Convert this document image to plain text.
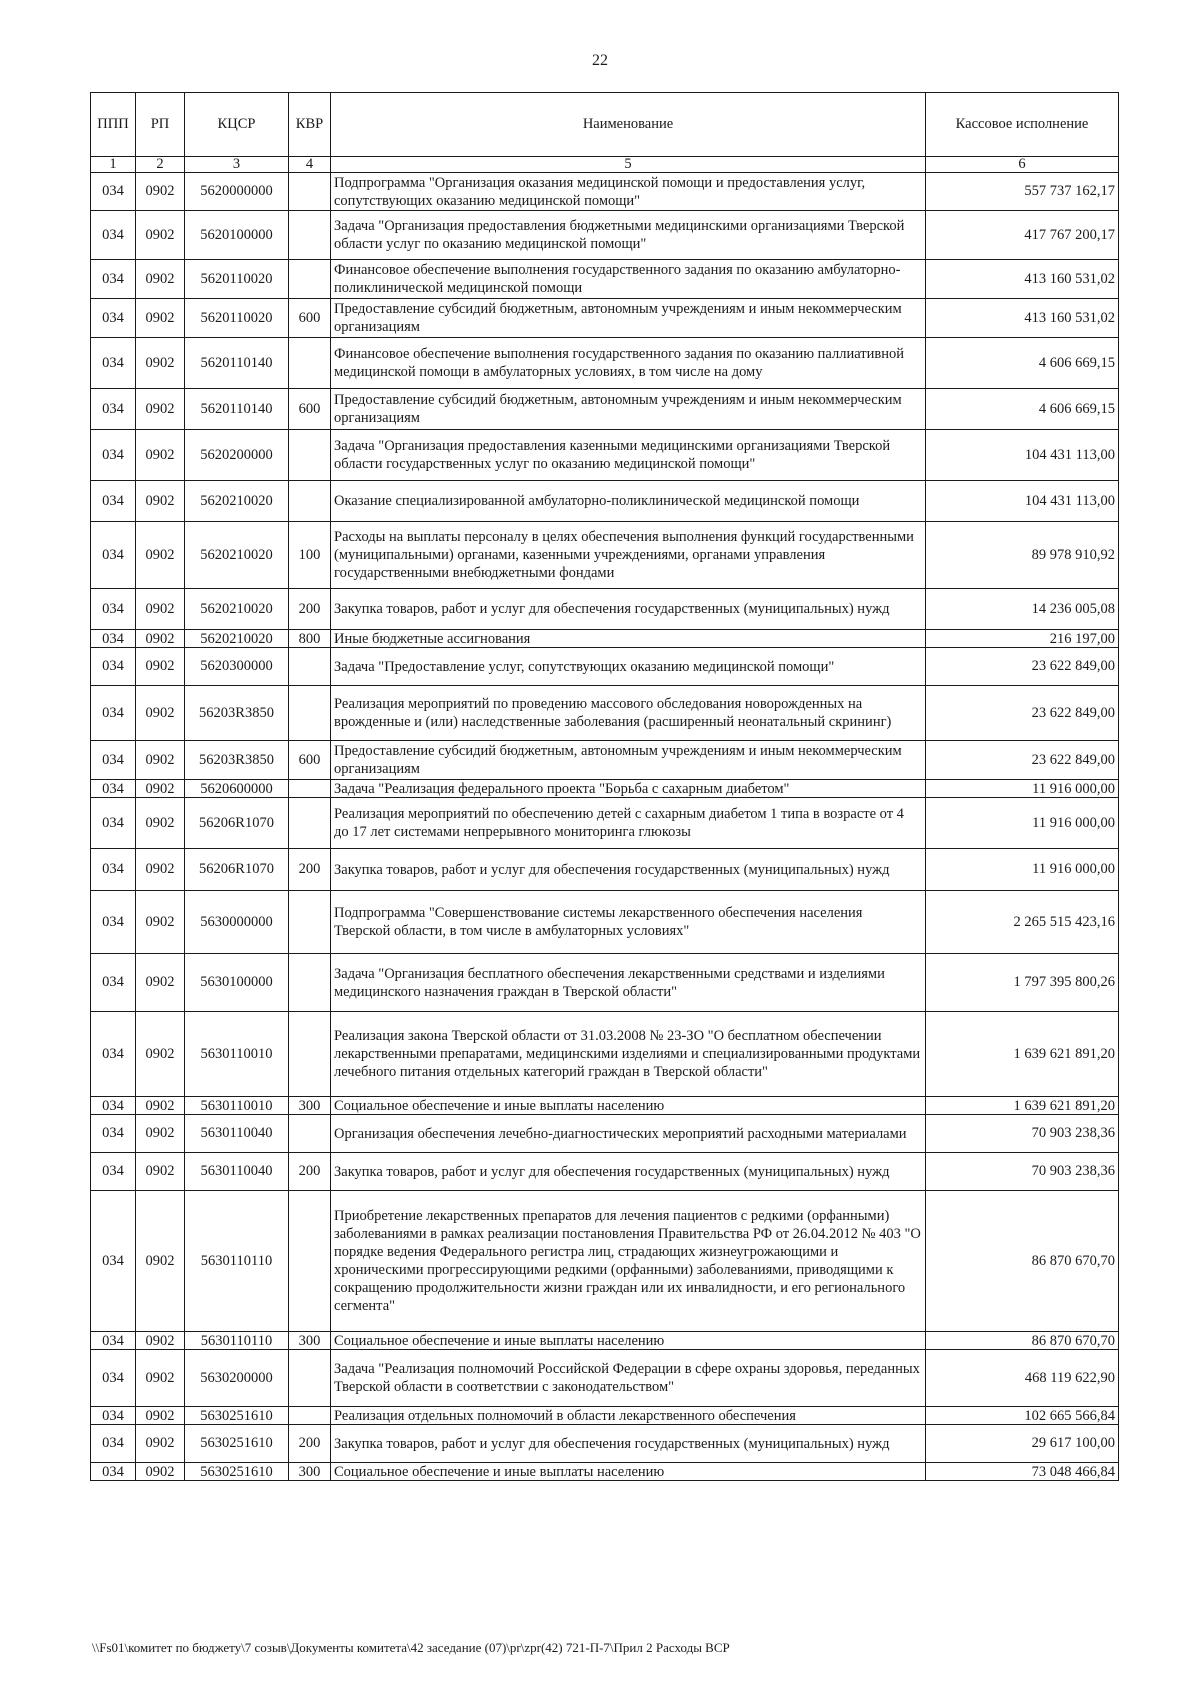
22
ППП	РП	КЦСР	КВР	Наименование	Кассовое исполнение
1	2	3	4	5	6
034	0902	5620000000		Подпрограмма "Организация оказания медицинской помощи и предоставления услуг, сопутствующих оказанию медицинской помощи"	557 737 162,17
034	0902	5620100000		Задача "Организация предоставления бюджетными медицинскими организациями Тверской области услуг по оказанию медицинской помощи"	417 767 200,17
034	0902	5620110020		Финансовое обеспечение выполнения государственного задания по оказанию амбулаторно-поликлинической медицинской помощи	413 160 531,02
034	0902	5620110020	600	Предоставление субсидий бюджетным, автономным учреждениям и иным некоммерческим организациям	413 160 531,02
034	0902	5620110140		Финансовое обеспечение выполнения государственного задания по оказанию паллиативной медицинской помощи в амбулаторных условиях, в том числе на дому	4 606 669,15
034	0902	5620110140	600	Предоставление субсидий бюджетным, автономным учреждениям и иным некоммерческим организациям	4 606 669,15
034	0902	5620200000		Задача "Организация предоставления казенными медицинскими организациями Тверской области государственных услуг по оказанию медицинской помощи"	104 431 113,00
034	0902	5620210020		Оказание специализированной амбулаторно-поликлинической медицинской помощи	104 431 113,00
034	0902	5620210020	100	Расходы на выплаты персоналу в целях обеспечения выполнения функций государственными (муниципальными) органами, казенными учреждениями, органами управления государственными внебюджетными фондами	89 978 910,92
034	0902	5620210020	200	Закупка товаров, работ и услуг для обеспечения государственных (муниципальных) нужд	14 236 005,08
034	0902	5620210020	800	Иные бюджетные ассигнования	216 197,00
034	0902	5620300000		Задача "Предоставление услуг, сопутствующих оказанию медицинской помощи"	23 622 849,00
034	0902	56203R3850		Реализация мероприятий по проведению массового обследования новорожденных на врожденные и (или) наследственные заболевания (расширенный неонатальный скрининг)	23 622 849,00
034	0902	56203R3850	600	Предоставление субсидий бюджетным, автономным учреждениям и иным некоммерческим организациям	23 622 849,00
034	0902	5620600000		Задача "Реализация федерального проекта "Борьба с сахарным диабетом"	11 916 000,00
034	0902	56206R1070		Реализация мероприятий по обеспечению детей с сахарным диабетом 1 типа в возрасте от 4 до 17 лет системами непрерывного мониторинга глюкозы	11 916 000,00
034	0902	56206R1070	200	Закупка товаров, работ и услуг для обеспечения государственных (муниципальных) нужд	11 916 000,00
034	0902	5630000000		Подпрограмма "Совершенствование системы лекарственного обеспечения населения Тверской области, в том числе в амбулаторных условиях"	2 265 515 423,16
034	0902	5630100000		Задача "Организация бесплатного обеспечения лекарственными средствами и изделиями медицинского назначения граждан в Тверской области"	1 797 395 800,26
034	0902	5630110010		Реализация закона Тверской области от 31.03.2008 № 23-ЗО "О бесплатном обеспечении лекарственными препаратами, медицинскими изделиями и специализированными продуктами лечебного питания отдельных категорий граждан в Тверской области"	1 639 621 891,20
034	0902	5630110010	300	Социальное обеспечение и иные выплаты населению	1 639 621 891,20
034	0902	5630110040		Организация обеспечения лечебно-диагностических мероприятий расходными материалами	70 903 238,36
034	0902	5630110040	200	Закупка товаров, работ и услуг для обеспечения государственных (муниципальных) нужд	70 903 238,36
034	0902	5630110110		Приобретение лекарственных препаратов для лечения пациентов с редкими (орфанными) заболеваниями в рамках реализации постановления Правительства РФ от 26.04.2012 № 403 "О порядке ведения Федерального регистра лиц, страдающих жизнеугрожающими и хроническими прогрессирующими редкими (орфанными) заболеваниями, приводящими к сокращению продолжительности жизни граждан или их инвалидности, и его регионального сегмента"	86 870 670,70
034	0902	5630110110	300	Социальное обеспечение и иные выплаты населению	86 870 670,70
034	0902	5630200000		Задача "Реализация полномочий Российской Федерации в сфере охраны здоровья, переданных Тверской области в соответствии с законодательством"	468 119 622,90
034	0902	5630251610		Реализация отдельных полномочий в области лекарственного обеспечения	102 665 566,84
034	0902	5630251610	200	Закупка товаров, работ и услуг для обеспечения государственных (муниципальных) нужд	29 617 100,00
034	0902	5630251610	300	Социальное обеспечение и иные выплаты населению	73 048 466,84
\\Fs01\комитет по бюджету\7 созыв\Документы комитета\42 заседание (07)\pr\zpr(42) 721-П-7\Прил 2 Расходы ВСР
